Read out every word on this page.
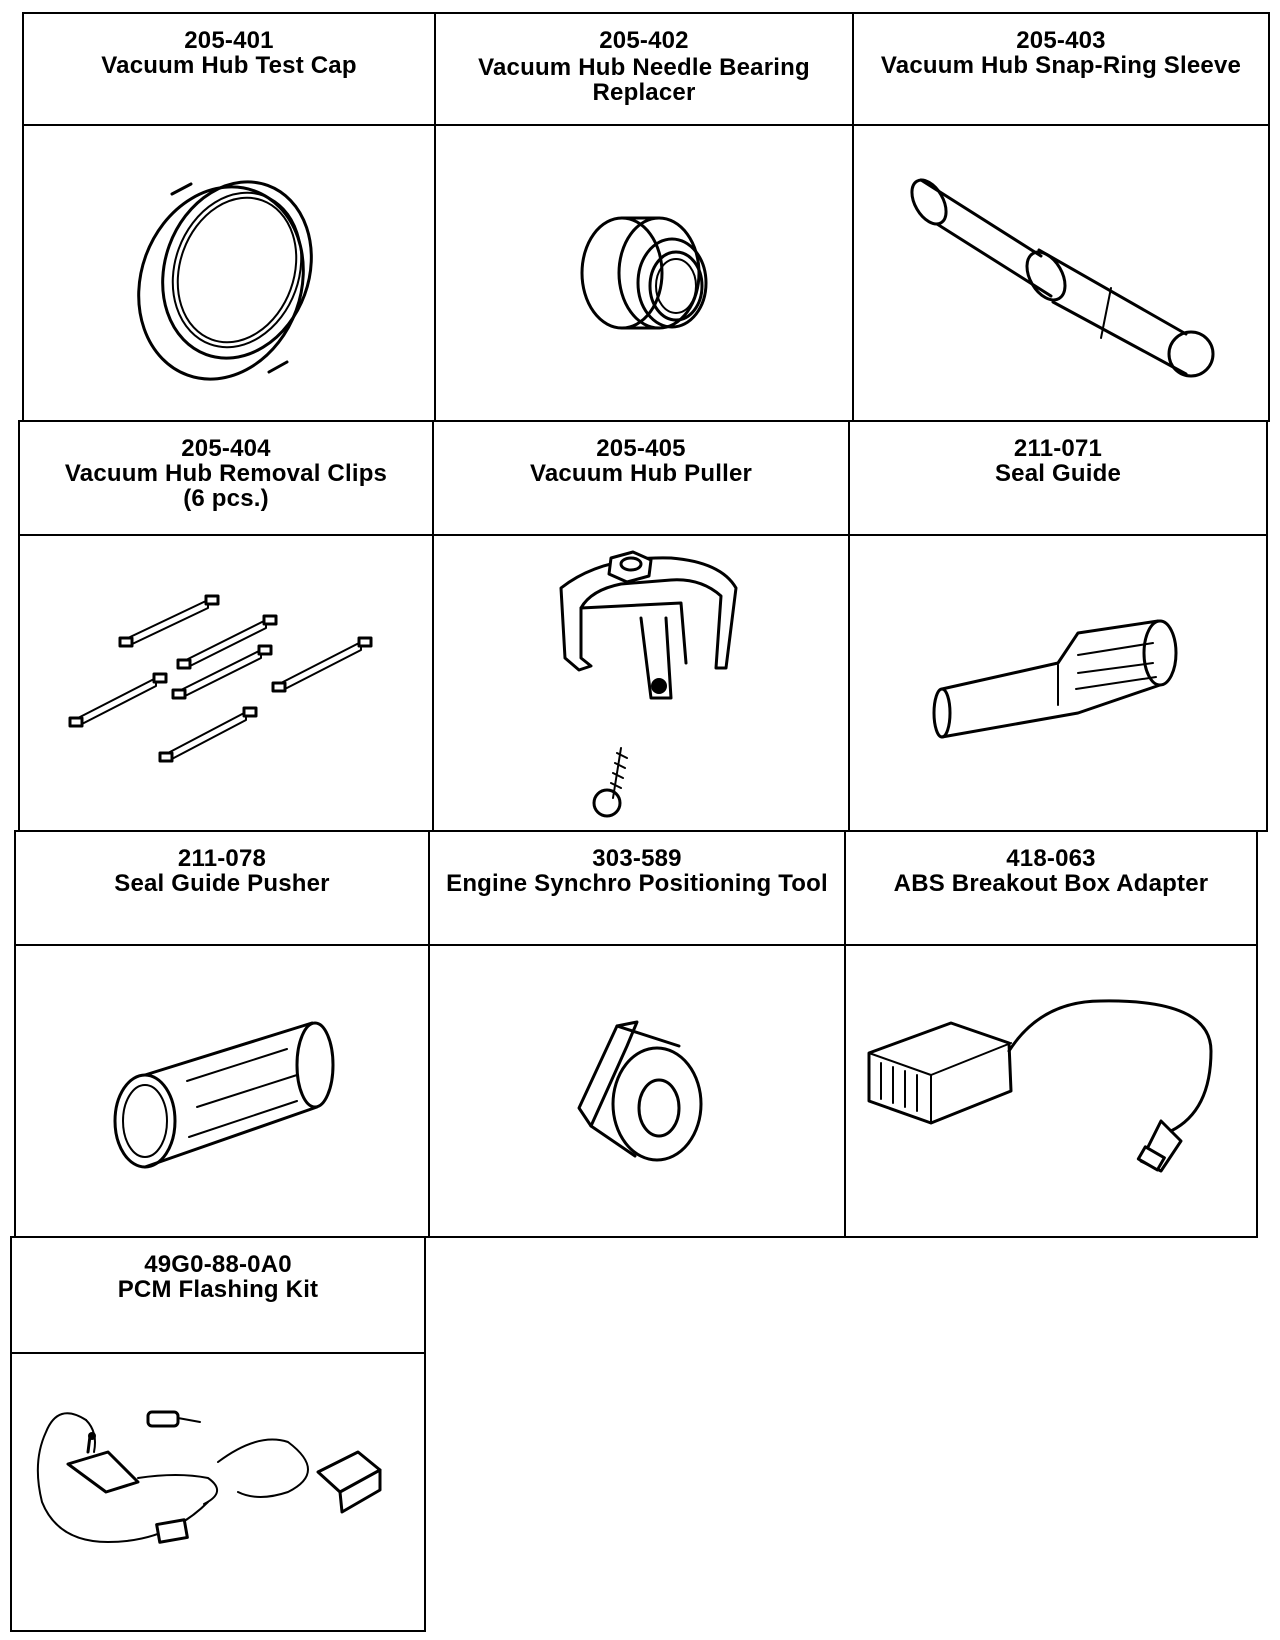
205-401
Vacuum Hub Test Cap
205-402
Vacuum Hub Needle Bearing Replacer
205-403
Vacuum Hub Snap-Ring Sleeve
205-404
Vacuum Hub Removal Clips
(6 pcs.)
205-405
Vacuum Hub Puller
211-071
Seal Guide
211-078
Seal Guide Pusher
303-589
Engine Synchro Positioning Tool
418-063
ABS Breakout Box Adapter
49G0-88-0A0
PCM Flashing Kit
